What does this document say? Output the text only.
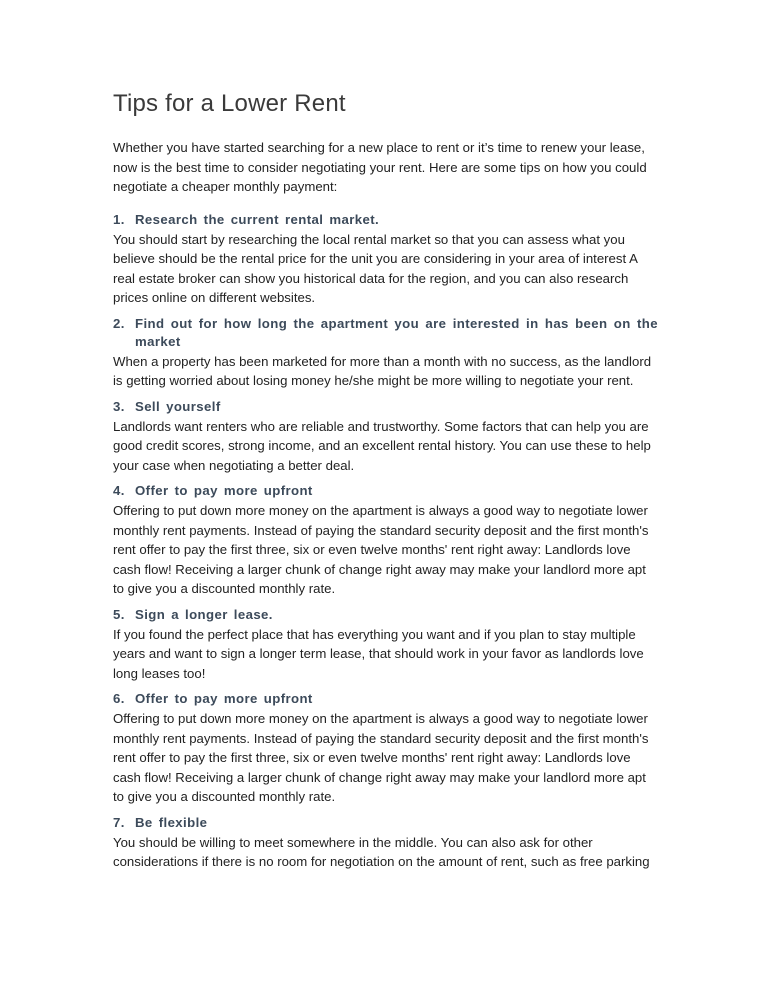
Tips for a Lower Rent

Whether you have started searching for a new place to rent or it’s time to renew your lease, now is the best time to consider negotiating your rent. Here are some tips on how you could negotiate a cheaper monthly payment:

1. Research the current rental market.
You should start by researching the local rental market so that you can assess what you believe should be the rental price for the unit you are considering in your area of interest A real estate broker can show you historical data for the region, and you can also research prices online on different websites.
2. Find out for how long the apartment you are interested in has been on the market
When a property has been marketed for more than a month with no success, as the landlord is getting worried about losing money he/she might be more willing to negotiate your rent.
3. Sell yourself
Landlords want renters who are reliable and trustworthy. Some factors that can help you are good credit scores, strong income, and an excellent rental history. You can use these to help your case when negotiating a better deal.
4. Offer to pay more upfront
Offering to put down more money on the apartment is always a good way to negotiate lower monthly rent payments. Instead of paying the standard security deposit and the first month's rent offer to pay the first three, six or even twelve months' rent right away: Landlords love cash flow! Receiving a larger chunk of change right away may make your landlord more apt to give you a discounted monthly rate.
5. Sign a longer lease.
If you found the perfect place that has everything you want and if you plan to stay multiple years and want to sign a longer term lease, that should work in your favor as landlords love long leases too!
6. Offer to pay more upfront
Offering to put down more money on the apartment is always a good way to negotiate lower monthly rent payments. Instead of paying the standard security deposit and the first month's rent offer to pay the first three, six or even twelve months' rent right away: Landlords love cash flow! Receiving a larger chunk of change right away may make your landlord more apt to give you a discounted monthly rate.
7. Be flexible
You should be willing to meet somewhere in the middle. You can also ask for other considerations if there is no room for negotiation on the amount of rent, such as free parking
